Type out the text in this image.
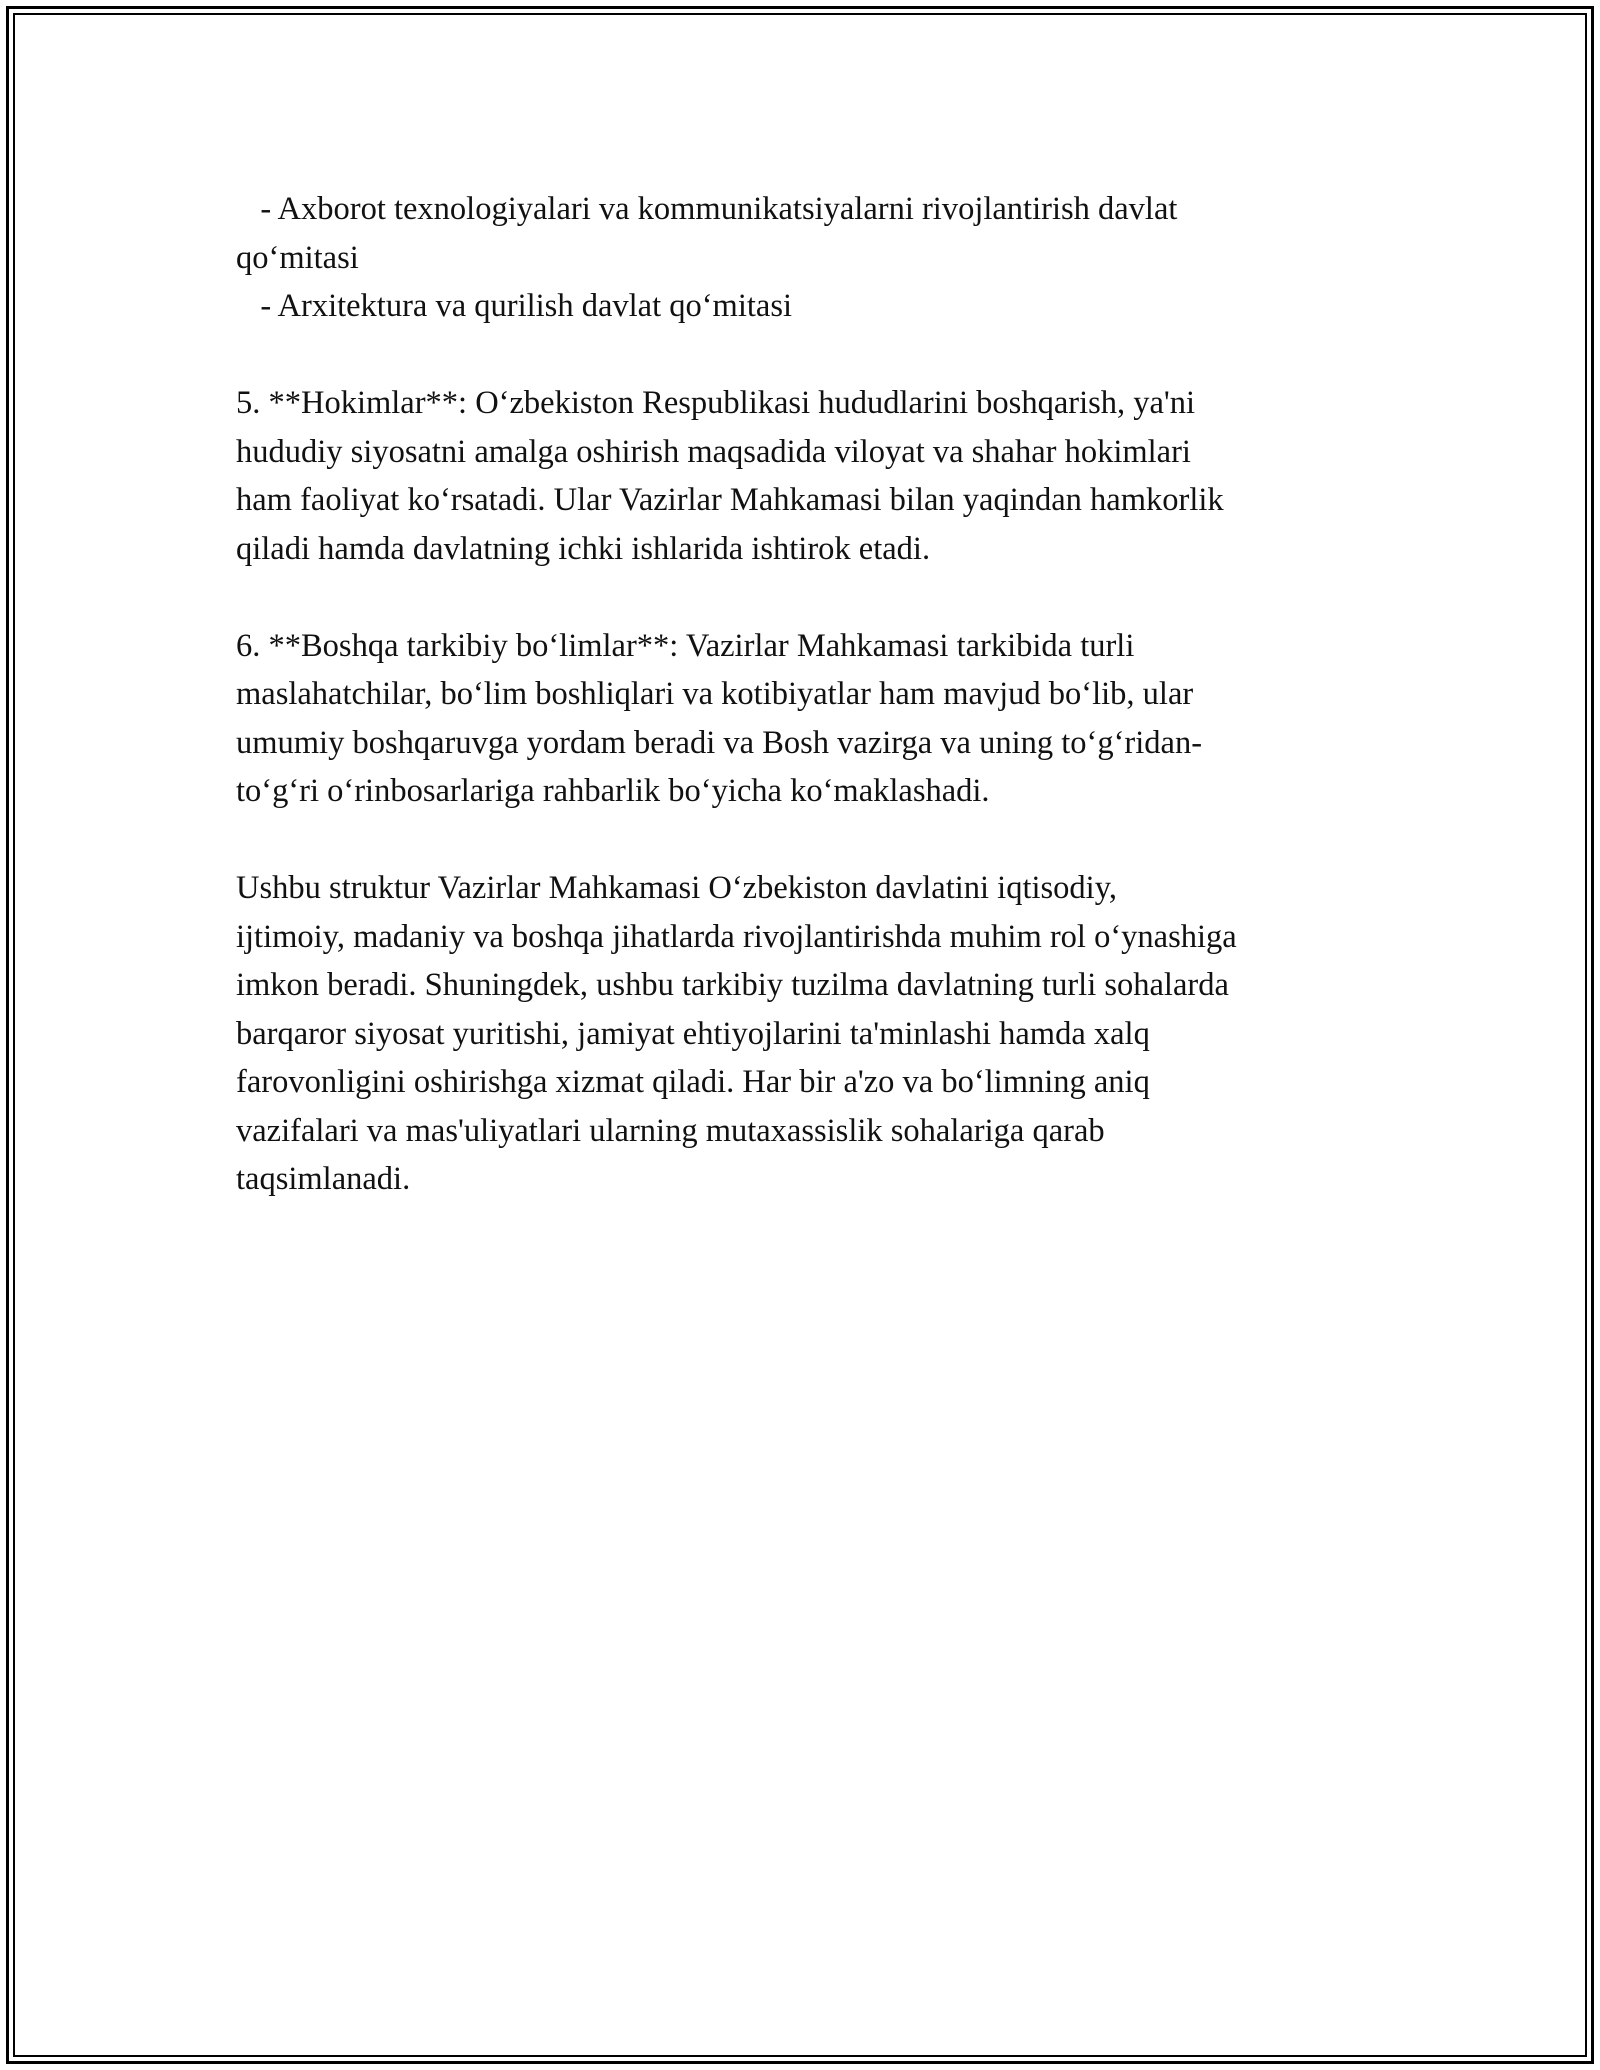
- Axborot texnologiyalari va kommunikatsiyalarni rivojlantirish davlat
qo‘mitasi
- Arxitektura va qurilish davlat qo‘mitasi
5. **Hokimlar**: O‘zbekiston Respublikasi hududlarini boshqarish, ya'ni
hududiy siyosatni amalga oshirish maqsadida viloyat va shahar hokimlari
ham faoliyat ko‘rsatadi. Ular Vazirlar Mahkamasi bilan yaqindan hamkorlik
qiladi hamda davlatning ichki ishlarida ishtirok etadi.
6. **Boshqa tarkibiy bo‘limlar**: Vazirlar Mahkamasi tarkibida turli
maslahatchilar, bo‘lim boshliqlari va kotibiyatlar ham mavjud bo‘lib, ular
umumiy boshqaruvga yordam beradi va Bosh vazirga va uning to‘g‘ridan-
to‘g‘ri o‘rinbosarlariga rahbarlik bo‘yicha ko‘maklashadi.
Ushbu struktur Vazirlar Mahkamasi O‘zbekiston davlatini iqtisodiy,
ijtimoiy, madaniy va boshqa jihatlarda rivojlantirishda muhim rol o‘ynashiga
imkon beradi. Shuningdek, ushbu tarkibiy tuzilma davlatning turli sohalarda
barqaror siyosat yuritishi, jamiyat ehtiyojlarini ta'minlashi hamda xalq
farovonligini oshirishga xizmat qiladi. Har bir a'zo va bo‘limning aniq
vazifalari va mas'uliyatlari ularning mutaxassislik sohalariga qarab
taqsimlanadi.
